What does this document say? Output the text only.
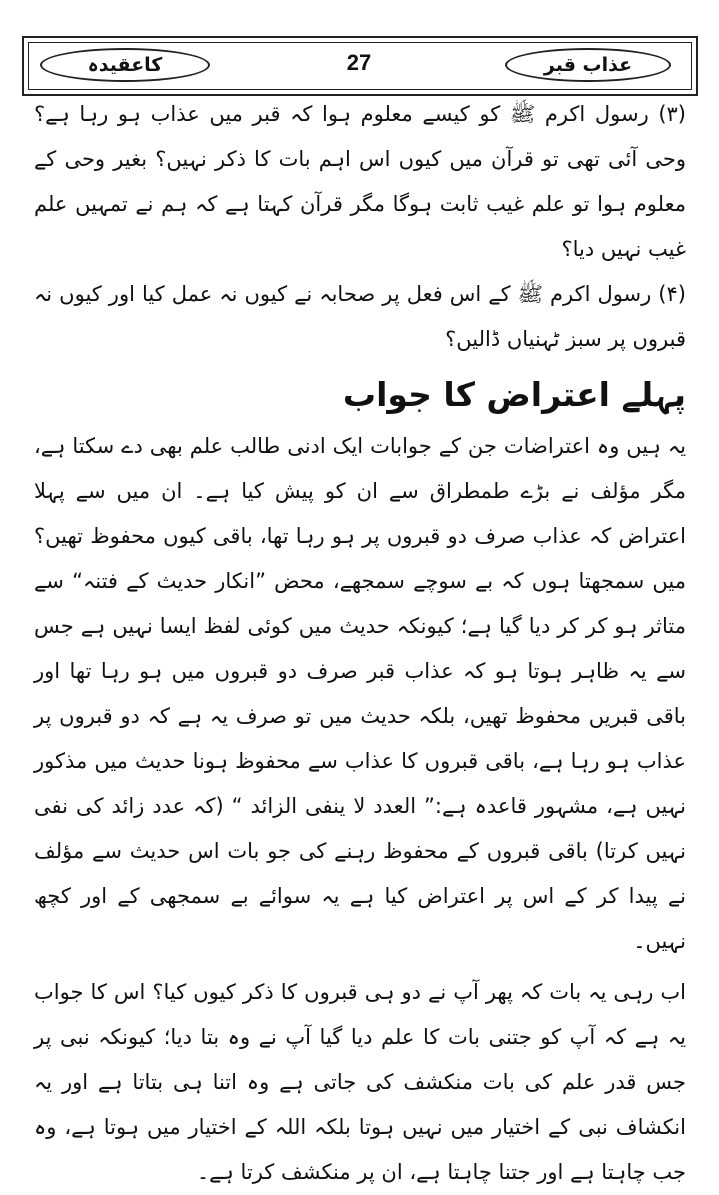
عذاب قبر
27
کاعقیدہ

(۳) رسول اکرم ﷺ کو کیسے معلوم ہوا کہ قبر میں عذاب ہو رہا ہے؟ وحی آئی تھی تو قرآن میں کیوں اس اہم بات کا ذکر نہیں؟ بغیر وحی کے معلوم ہوا تو علم غیب ثابت ہوگا مگر قرآن کہتا ہے کہ ہم نے تمہیں علم غیب نہیں دیا؟

(۴) رسول اکرم ﷺ کے اس فعل پر صحابہ نے کیوں نہ عمل کیا اور کیوں نہ قبروں پر سبز ٹہنیاں ڈالیں؟

پہلے اعتراض کا جواب

یہ ہیں وہ اعتراضات جن کے جوابات ایک ادنی طالب علم بھی دے سکتا ہے، مگر مؤلف نے بڑے طمطراق سے ان کو پیش کیا ہے۔ ان میں سے پہلا اعتراض کہ عذاب صرف دو قبروں پر ہو رہا تھا، باقی کیوں محفوظ تھیں؟ میں سمجھتا ہوں کہ بے سوچے سمجھے، محض ”انکار حدیث کے فتنہ“ سے متاثر ہو کر کر دیا گیا ہے؛ کیونکہ حدیث میں کوئی لفظ ایسا نہیں ہے جس سے یہ ظاہر ہوتا ہو کہ عذاب قبر صرف دو قبروں میں ہو رہا تھا اور باقی قبریں محفوظ تھیں، بلکہ حدیث میں تو صرف یہ ہے کہ دو قبروں پر عذاب ہو رہا ہے، باقی قبروں کا عذاب سے محفوظ ہونا حدیث میں مذکور نہیں ہے، مشہور قاعدہ ہے:” العدد لا ینفی الزائد “ (کہ عدد زائد کی نفی نہیں کرتا) باقی قبروں کے محفوظ رہنے کی جو بات اس حدیث سے مؤلف نے پیدا کر کے اس پر اعتراض کیا ہے یہ سوائے بے سمجھی کے اور کچھ نہیں۔

اب رہی یہ بات کہ پھر آپ نے دو ہی قبروں کا ذکر کیوں کیا؟ اس کا جواب یہ ہے کہ آپ کو جتنی بات کا علم دیا گیا آپ نے وہ بتا دیا؛ کیونکہ نبی پر جس قدر علم کی بات منکشف کی جاتی ہے وہ اتنا ہی بتاتا ہے اور یہ انکشاف نبی کے اختیار میں نہیں ہوتا بلکہ اللہ کے اختیار میں ہوتا ہے، وہ جب چاہتا ہے اور جتنا چاہتا ہے، ان پر منکشف کرتا ہے۔
